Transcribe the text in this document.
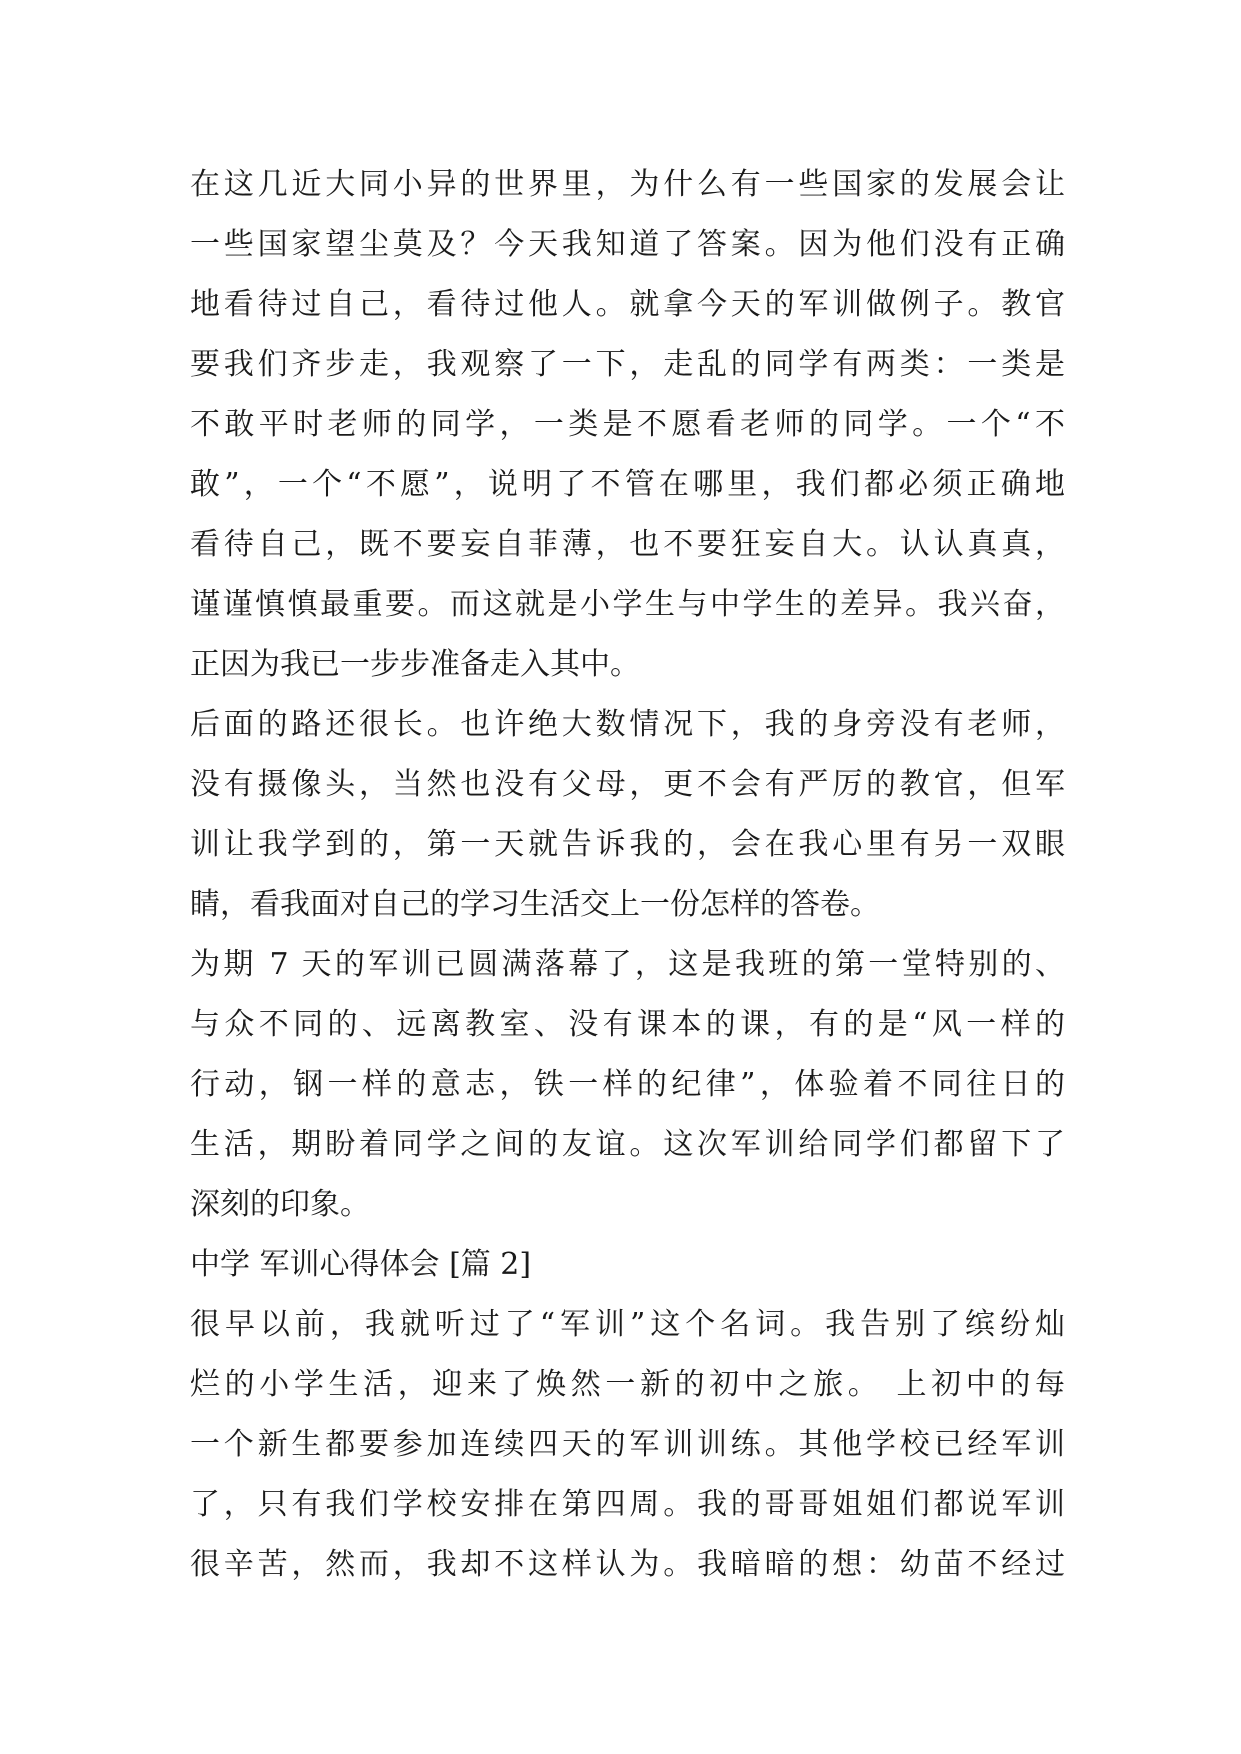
在这几近大同小异的世界里，为什么有一些国家的发展会让
一些国家望尘莫及？今天我知道了答案。因为他们没有正确
地看待过自己，看待过他人。就拿今天的军训做例子。教官
要我们齐步走，我观察了一下，走乱的同学有两类：一类是
不敢平时老师的同学，一类是不愿看老师的同学。一个“不
敢”，一个“不愿”，说明了不管在哪里，我们都必须正确地
看待自己，既不要妄自菲薄，也不要狂妄自大。认认真真，
谨谨慎慎最重要。而这就是小学生与中学生的差异。我兴奋，
正因为我已一步步准备走入其中。
后面的路还很长。也许绝大数情况下，我的身旁没有老师，
没有摄像头，当然也没有父母，更不会有严厉的教官，但军
训让我学到的，第一天就告诉我的，会在我心里有另一双眼
睛，看我面对自己的学习生活交上一份怎样的答卷。
为期 7 天的军训已圆满落幕了，这是我班的第一堂特别的、
与众不同的、远离教室、没有课本的课，有的是“风一样的
行动，钢一样的意志，铁一样的纪律”，体验着不同往日的
生活，期盼着同学之间的友谊。这次军训给同学们都留下了
深刻的印象。
中学 军训心得体会 [篇 2]
很早以前，我就听过了“军训”这个名词。我告别了缤纷灿
烂的小学生活，迎来了焕然一新的初中之旅。 上初中的每
一个新生都要参加连续四天的军训训练。其他学校已经军训
了，只有我们学校安排在第四周。我的哥哥姐姐们都说军训
很辛苦，然而，我却不这样认为。我暗暗的想：幼苗不经过
